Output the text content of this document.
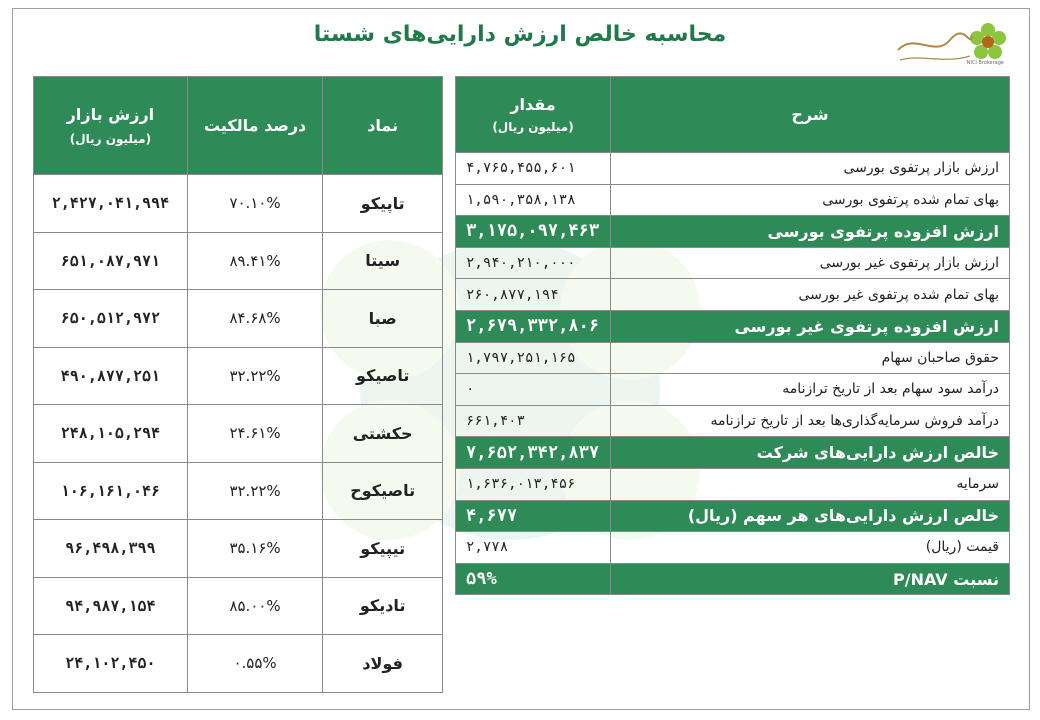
محاسبه خالص ارزش دارایی‌های شستا
NICI Brokerage
شرح	مقدار
(میلیون ریال)

ارزش بازار پرتفوی بورسی	۴,۷۶۵,۴۵۵,۶۰۱
بهای تمام شده پرتفوی بورسی	۱,۵۹۰,۳۵۸,۱۳۸
ارزش افزوده پرتفوی بورسی	۳,۱۷۵,۰۹۷,۴۶۳
ارزش بازار پرتفوی غیر بورسی	۲,۹۴۰,۲۱۰,۰۰۰
بهای تمام شده پرتفوی غیر بورسی	۲۶۰,۸۷۷,۱۹۴
ارزش افزوده پرتفوی غیر بورسی	۲,۶۷۹,۳۳۲,۸۰۶
حقوق صاحبان سهام	۱,۷۹۷,۲۵۱,۱۶۵
درآمد سود سهام بعد از تاریخ ترازنامه	۰
درآمد فروش سرمایه‌گذاری‌ها بعد از تاریخ ترازنامه	۶۶۱,۴۰۳
خالص ارزش دارایی‌های شرکت	۷,۶۵۲,۳۴۲,۸۳۷
سرمایه	۱,۶۳۶,۰۱۳,۴۵۶
خالص ارزش دارایی‌های هر سهم (ریال)	۴,۶۷۷
قیمت (ریال)	۲,۷۷۸
نسبت P/NAV	۵۹%
نماد	درصد مالکیت	ارزش بازار
(میلیون ریال)

تاپیکو	۷۰.۱۰%	۲,۴۲۷,۰۴۱,۹۹۴
سیتا	۸۹.۴۱%	۶۵۱,۰۸۷,۹۷۱
صبا	۸۴.۶۸%	۶۵۰,۵۱۲,۹۷۲
تاصیکو	۳۲.۲۲%	۴۹۰,۸۷۷,۲۵۱
حکشتی	۲۴.۶۱%	۲۴۸,۱۰۵,۲۹۴
تاصیکوح	۳۲.۲۲%	۱۰۶,۱۶۱,۰۴۶
تیپیکو	۳۵.۱۶%	۹۶,۴۹۸,۳۹۹
تادیکو	۸۵.۰۰%	۹۴,۹۸۷,۱۵۴
فولاد	۰.۵۵%	۲۴,۱۰۲,۴۵۰
